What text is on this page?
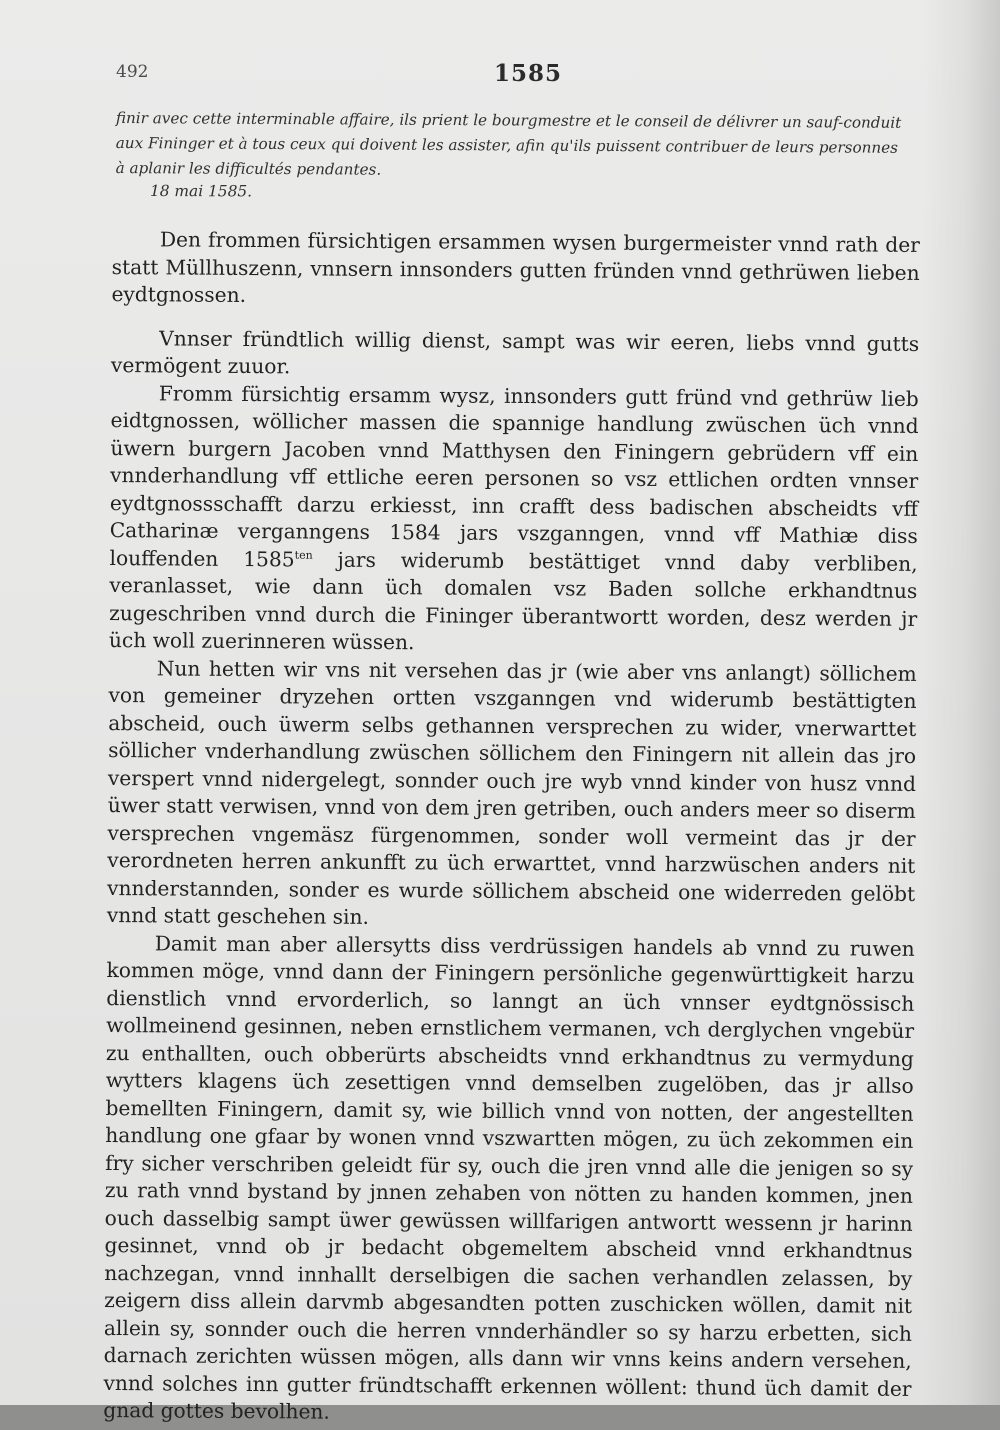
492	1585
finir avec cette interminable affaire, ils prient le bourgmestre et le conseil de délivrer un sauf-conduit
aux Fininger et à tous ceux qui doivent les assister, afin qu'ils puissent contribuer de leurs personnes
à aplanir les difficultés pendantes.
18 mai 1585.

Den frommen fürsichtigen ersammen wysen burgermeister vnnd rath der statt Müllhuszenn, vnnsern innsonders gutten fründen vnnd gethrüwen lieben eydtgnossen.

Vnnser fründtlich willig dienst, sampt was wir eeren, liebs vnnd gutts vermögent zuuor.

Fromm fürsichtig ersamm wysz, innsonders gutt fründ vnd gethrüw lieb eidtgnossen, wöllicher massen die spannige handlung zwüschen üch vnnd üwern burgern Jacoben vnnd Matthysen den Finingern gebrüdern vff ein vnnderhandlung vff ettliche eeren personen so vsz ettlichen ordten vnnser eydtgnossschafft darzu erkiesst, inn crafft dess badischen abscheidts vff Catharinæ verganngens 1584 jars vszganngen, vnnd vff Mathiæ diss louffenden $1585^{ten}$ jars widerumb bestättiget vnnd daby verbliben, veranlasset, wie dann üch domalen vsz Baden sollche erkhandtnus zugeschriben vnnd durch die Fininger überantwortt worden, desz werden jr üch woll zuerinneren wüssen.

Nun hetten wir vns nit versehen das jr (wie aber vns anlangt) söllichem von gemeiner dryzehen ortten vszganngen vnd widerumb bestättigten abscheid, ouch üwerm selbs gethannen versprechen zu wider, vnerwarttet söllicher vnderhandlung zwüschen söllichem den Finingern nit allein das jro verspert vnnd nidergelegt, sonnder ouch jre wyb vnnd kinder von husz vnnd üwer statt verwisen, vnnd von dem jren getriben, ouch anders meer so diserm versprechen vngemäsz fürgenommen, sonder woll vermeint das jr der verordneten herren ankunfft zu üch erwarttet, vnnd harzwüschen anders nit vnnderstannden, sonder es wurde söllichem abscheid one widerreden gelöbt vnnd statt geschehen sin.

Damit man aber allersytts diss verdrüssigen handels ab vnnd zu ruwen kommen möge, vnnd dann der Finingern persönliche gegenwürttigkeit harzu dienstlich vnnd ervorderlich, so lanngt an üch vnnser eydtgnössisch wollmeinend gesinnen, neben ernstlichem vermanen, vch derglychen vngebür zu enthallten, ouch obberürts abscheidts vnnd erkhandtnus zu vermydung wytters klagens üch zesettigen vnnd demselben zugelöben, das jr allso bemellten Finingern, damit sy, wie billich vnnd von notten, der angestellten handlung one gfaar by wonen vnnd vszwartten mögen, zu üch zekommen ein fry sicher verschriben geleidt für sy, ouch die jren vnnd alle die jenigen so sy zu rath vnnd bystand by jnnen zehaben von nötten zu handen kommen, jnen ouch dasselbig sampt üwer gewüssen willfarigen antwortt wessenn jr harinn gesinnet, vnnd ob jr bedacht obgemeltem abscheid vnnd erkhandtnus nachzegan, vnnd innhallt derselbigen die sachen verhandlen zelassen, by zeigern diss allein darvmb abgesandten potten zuschicken wöllen, damit nit allein sy, sonnder ouch die herren vnnderhändler so sy harzu erbetten, sich darnach zerichten wüssen mögen, alls dann wir vnns keins andern versehen, vnnd solches inn gutter fründtschafft erkennen wöllent: thund üch damit der gnad gottes bevolhen.
